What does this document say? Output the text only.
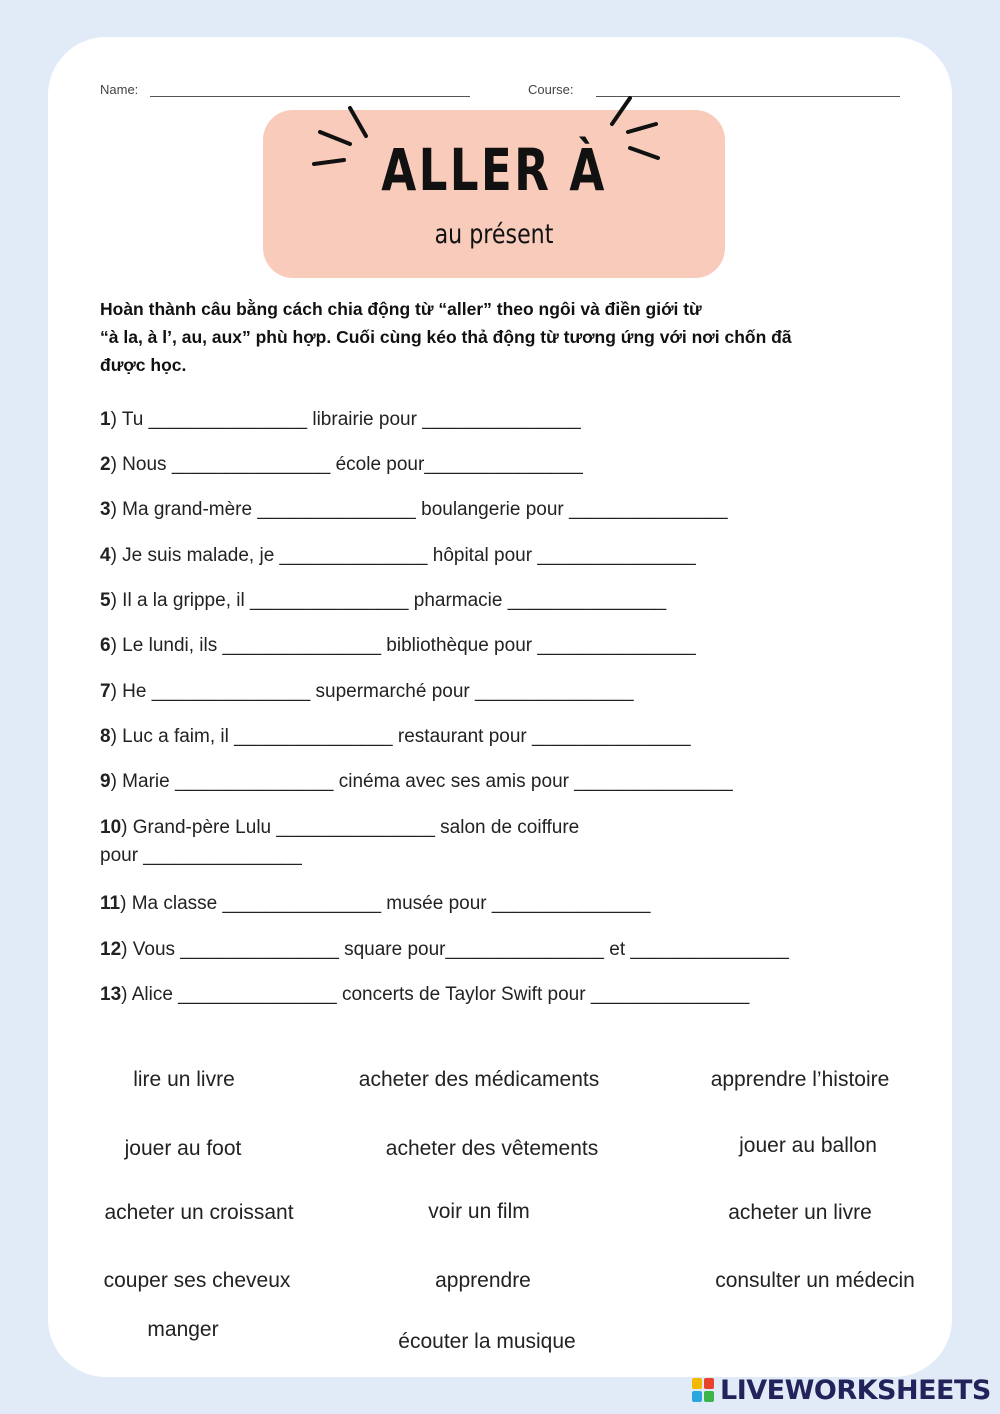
Name:	Course:
ALLER À
au présent
Hoàn thành câu bằng cách chia động từ “aller” theo ngôi và điền giới từ
“à la, à l’, au, aux” phù hợp. Cuối cùng kéo thả động từ tương ứng với nơi chốn đã
được học.
1) Tu _______________ librairie pour _______________
2) Nous _______________ école pour_______________
3) Ma grand-mère _______________ boulangerie pour _______________
4) Je suis malade, je ______________ hôpital pour _______________
5) Il a la grippe, il _______________ pharmacie _______________
6) Le lundi, ils _______________ bibliothèque pour _______________
7) He _______________ supermarché pour _______________
8) Luc a faim, il _______________ restaurant pour _______________
9) Marie _______________ cinéma avec ses amis pour _______________
10) Grand-père Lulu _______________ salon de coiffure
pour _______________
11) Ma classe _______________ musée pour _______________
12) Vous _______________ square pour_______________ et _______________
13) Alice _______________ concerts de Taylor Swift pour _______________
lire un livre	acheter des médicaments	apprendre l’histoire
jouer au foot	acheter des vêtements	jouer au ballon
acheter un croissant	voir un film	acheter un livre
couper ses cheveux	apprendre	consulter un médecin
manger
écouter la musique
LIVEWORKSHEETS
